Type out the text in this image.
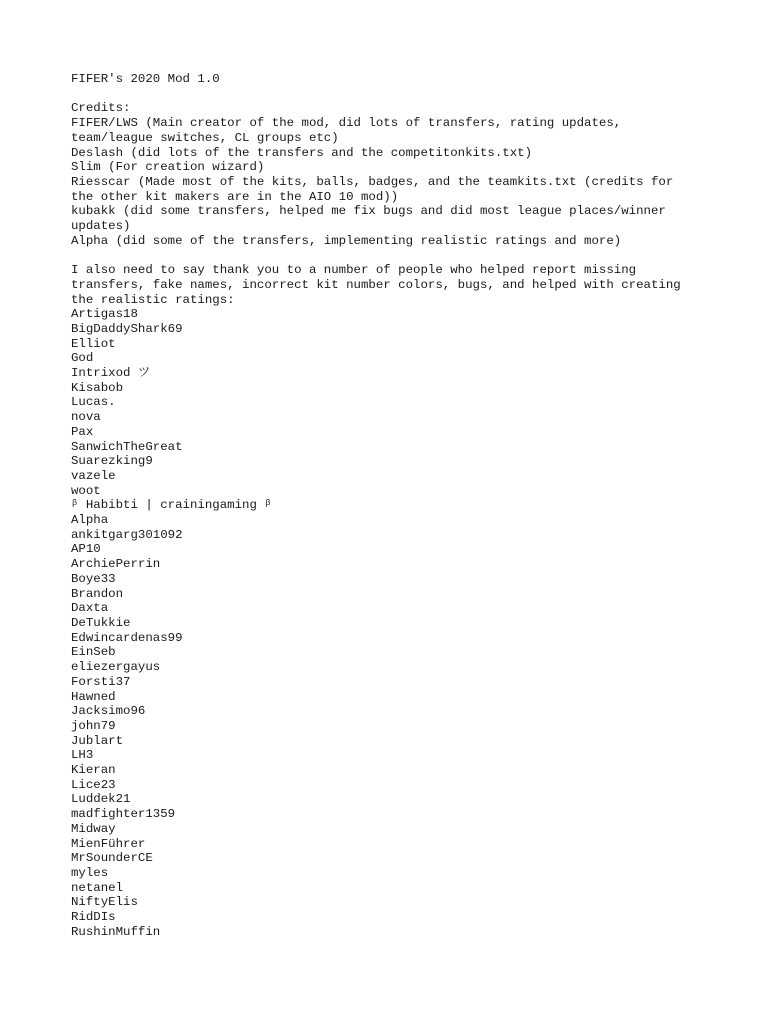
FIFER's 2020 Mod 1.0
Credits:
FIFER/LWS (Main creator of the mod, did lots of transfers, rating updates,
team/league switches, CL groups etc)
Deslash (did lots of the transfers and the competitonkits.txt)
Slim (For creation wizard)
Riesscar (Made most of the kits, balls, badges, and the teamkits.txt (credits for
the other kit makers are in the AIO 10 mod))
kubakk (did some transfers, helped me fix bugs and did most league places/winner
updates)
Alpha (did some of the transfers, implementing realistic ratings and more)
I also need to say thank you to a number of people who helped report missing
transfers, fake names, incorrect kit number colors, bugs, and helped with creating
the realistic ratings:
Artigas18
BigDaddyShark69
Elliot
God
Intrixod ツ
Kisabob
Lucas.
nova
Pax
SanwichTheGreat
Suarezking9
vazele
woot
ᵝ Habibti | crainingaming ᵝ
Alpha
ankitgarg301092
AP10
ArchiePerrin
Boye33
Brandon
Daxta
DeTukkie
Edwincardenas99
EinSeb
eliezergayus
Forsti37
Hawned
Jacksimo96
john79
Jublart
LH3
Kieran
Lice23
Luddek21
madfighter1359
Midway
MienFührer
MrSounderCE
myles
netanel
NiftyElis
RidDIs
RushinMuffin
